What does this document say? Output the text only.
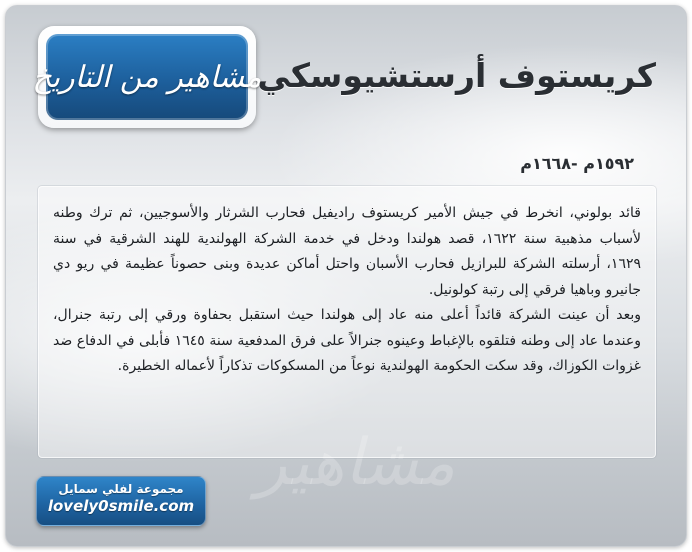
مشاهير من التاريخ
كريستوف أرستشيوسكي
١٥٩٢م -١٦٦٨م
مشاهير

قائد بولوني، انخرط في جيش الأمير كريستوف راديفيل فحارب الشرثار والأسوجيين، ثم ترك وطنه لأسباب مذهبية سنة ١٦٢٢، قصد هولندا ودخل في خدمة الشركة الهولندية للهند الشرقية في سنة ١٦٢٩، أرسلته الشركة للبرازيل فحارب الأسبان واحتل أماكن عديدة وبنى حصوناً عظيمة في ريو دي جانيرو وباهيا فرقي إلى رتبة كولونيل.

وبعد أن عينت الشركة قائداً أعلى منه عاد إلى هولندا حيث استقبل بحفاوة ورقي إلى رتبة جنرال، وعندما عاد إلى وطنه فتلقوه بالإغباط وعينوه جنرالاً على فرق المدفعية سنة ١٦٤٥ فأبلى في الدفاع ضد غزوات الكوزاك، وقد سكت الحكومة الهولندية نوعاً من المسكوكات تذكاراً لأعماله الخطيرة.

مجموعة لفلي سمايل
lovely0smile.com
